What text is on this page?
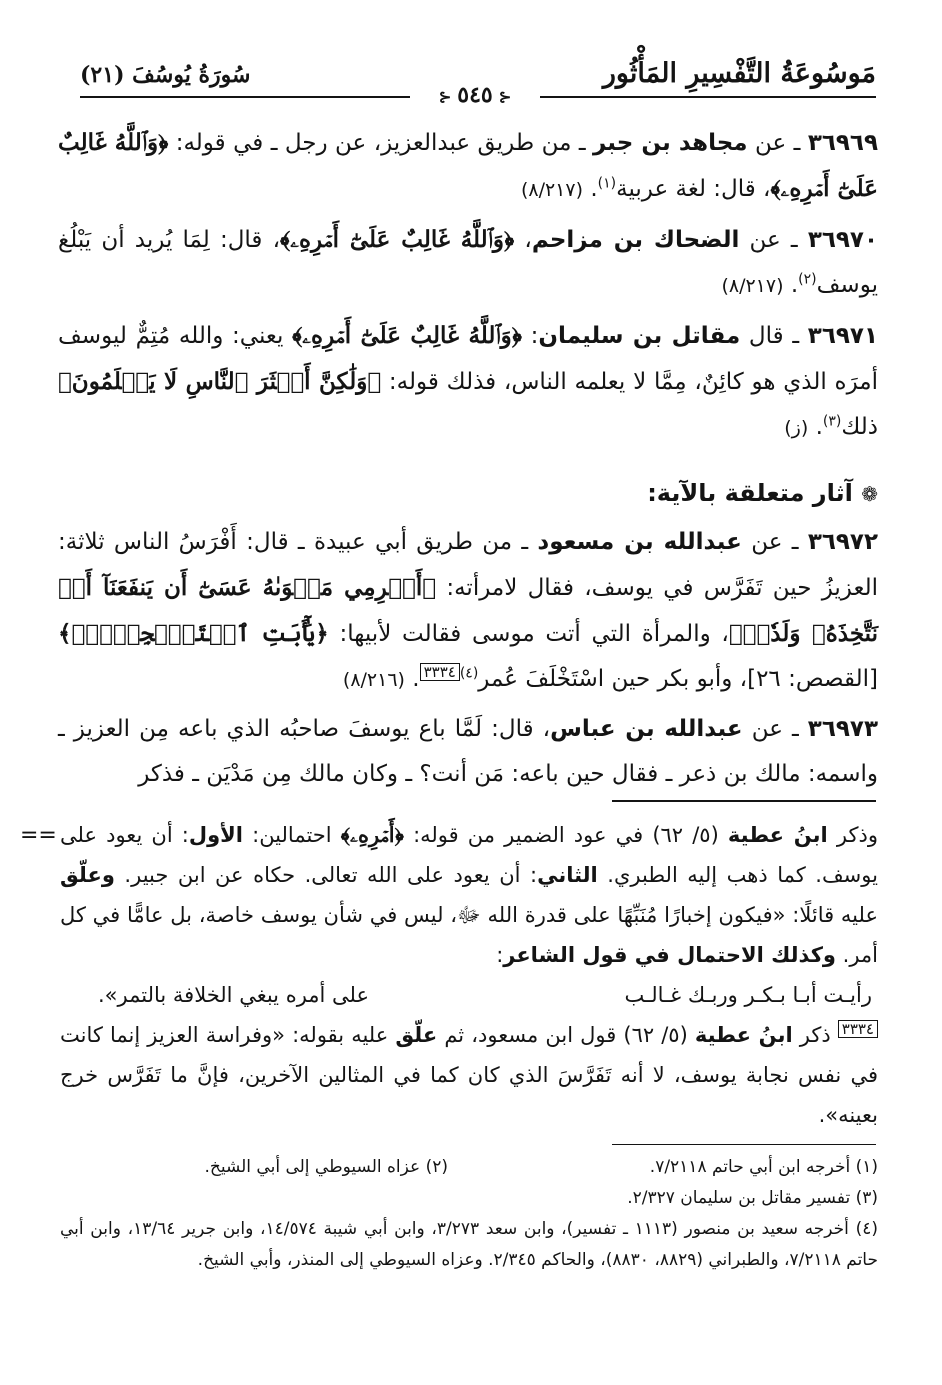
مَوسُوعَةُ التَّفْسِيرِ المَأْثُور
سُورَةُ يُوسُفَ (٢١)
⊰٥٤٥⊰

٣٦٩٦٩ ـ عن مجاهد بن جبر ـ من طريق عبدالعزيز، عن رجل ـ في قوله: ﴿وَٱللَّهُ غَالِبٌ عَلَىٰٓ أَمۡرِهِۦ﴾، قال: لغة عربية$^{(١)}$. (٨/٢١٧)

٣٦٩٧٠ ـ عن الضحاك بن مزاحم، ﴿وَٱللَّهُ غَالِبٌ عَلَىٰٓ أَمۡرِهِۦ﴾، قال: لِمَا يُريد أن يَبْلُغ يوسف$^{(٢)}$. (٨/٢١٧)

٣٦٩٧١ ـ قال مقاتل بن سليمان: ﴿وَٱللَّهُ غَالِبٌ عَلَىٰٓ أَمۡرِهِۦ﴾ يعني: والله مُتِمٌّ ليوسف أمرَه الذي هو كائِنٌ، مِمَّا لا يعلمه الناس، فذلك قوله: ﴿وَلَٰكِنَّ أَكۡثَرَ ٱلنَّاسِ لَا يَعۡلَمُونَ﴾ ذلك$^{(٣)}$. (ز)

❁ آثار متعلقة بالآية:

٣٦٩٧٢ ـ عن عبدالله بن مسعود ـ من طريق أبي عبيدة ـ قال: أَفْرَسُ الناس ثلاثة: العزيزُ حين تَفَرَّس في يوسف، فقال لامرأته: ﴿أَكۡرِمِي مَثۡوَىٰهُ عَسَىٰٓ أَن يَنفَعَنَآ أَوۡ نَتَّخِذَهُۥ وَلَدٗاۚ﴾، والمرأة التي أتت موسى فقالت لأبيها: ﴿يَٰٓأَبَتِ ٱسۡتَـٔۡجِرۡهُۖ﴾ [القصص: ٢٦]، وأبو بكر حين اسْتَخْلَفَ عُمر$^{(٤)}$٣٣٣٤. (٨/٢١٦)

٣٦٩٧٣ ـ عن عبدالله بن عباس، قال: لَمَّا باع يوسفَ صاحبُه الذي باعه مِن العزيز ـ واسمه: مالك بن ذعر ـ فقال حين باعه: مَن أنت؟ ـ وكان مالك مِن مَدْيَن ـ فذكر

==	وذكر ابنُ عطية (٥/ ٦٢) في عود الضمير من قوله: ﴿أَمۡرِهِۦ﴾ احتمالين: الأول: أن يعود على يوسف. كما ذهب إليه الطبري. الثاني: أن يعود على الله تعالى. حكاه عن ابن جبير. وعلّق عليه قائلًا: «فيكون إخبارًا مُنَبِّهًا على قدرة الله ﷻ، ليس في شأن يوسف خاصة، بل عامًّا في كل أمر. وكذلك الاحتمال في قول الشاعر:

رأيـت أبـا بـكـر وربـك غـالـب
على أمره يبغي الخلافة بالتمر».

٣٣٣٤ ذكر ابنُ عطية (٥/ ٦٢) قول ابن مسعود، ثم علّق عليه بقوله: «وفراسة العزيز إنما كانت في نفس نجابة يوسف، لا أنه تَفَرَّسَ الذي كان كما في المثالين الآخرين، فإنَّ ما تَفَرَّس خرج بعينه».

(١) أخرجه ابن أبي حاتم ٧/٢١١٨.
(٢) عزاه السيوطي إلى أبي الشيخ.

(٣) تفسير مقاتل بن سليمان ٢/٣٢٧.

(٤) أخرجه سعيد بن منصور (١١١٣ ـ تفسير)، وابن سعد ٣/٢٧٣، وابن أبي شيبة ١٤/٥٧٤، وابن جرير ١٣/٦٤، وابن أبي حاتم ٧/٢١١٨، والطبراني (٨٨٢٩، ٨٨٣٠)، والحاكم ٢/٣٤٥. وعزاه السيوطي إلى المنذر، وأبي الشيخ.
